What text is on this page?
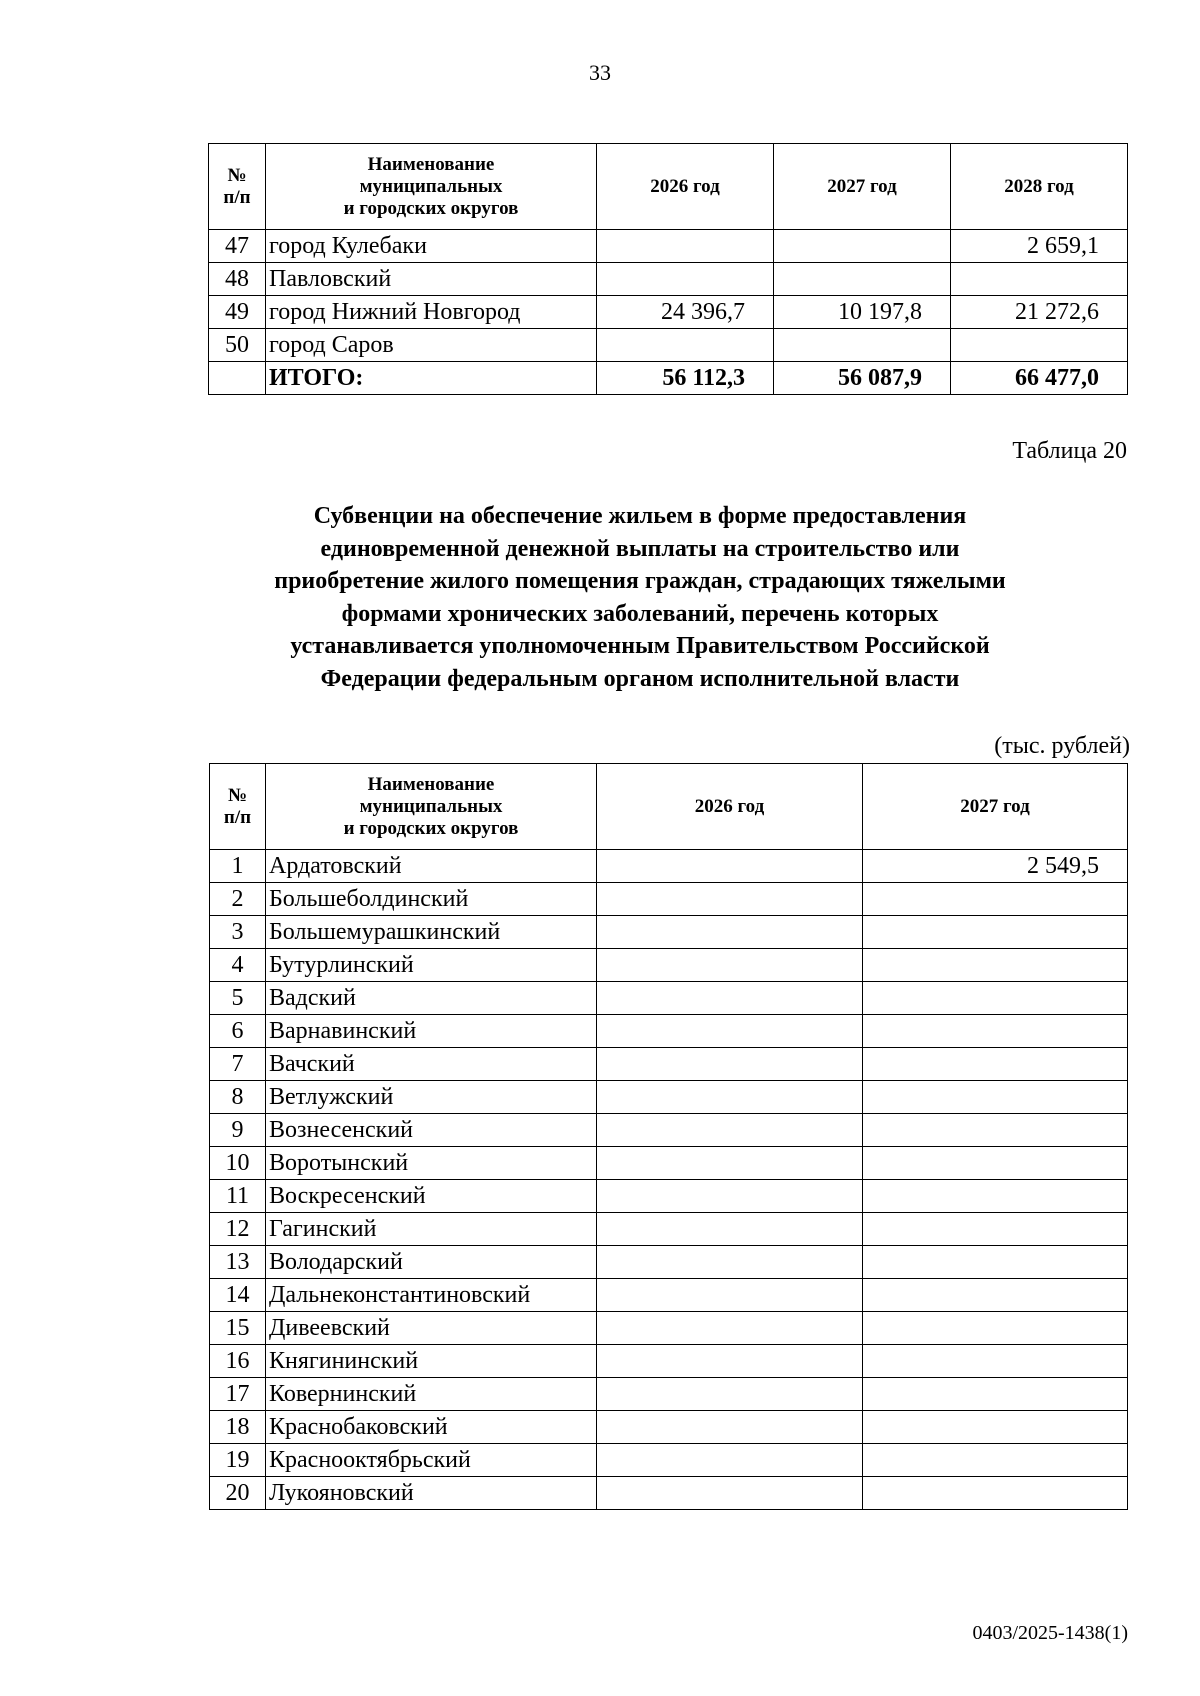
33
№
п/п	Наименование
муниципальных
и городских округов	2026 год	2027 год	2028 год
47	город Кулебаки			2 659,1
48	Павловский			
49	город Нижний Новгород	24 396,7	10 197,8	21 272,6
50	город Саров			
	ИТОГО:	56 112,3	56 087,9	66 477,0
Таблица 20
Субвенции на обеспечение жильем в форме предоставления
единовременной денежной выплаты на строительство или
приобретение жилого помещения граждан, страдающих тяжелыми
формами хронических заболеваний, перечень которых
устанавливается уполномоченным Правительством Российской
Федерации федеральным органом исполнительной власти
(тыс. рублей)
№
п/п	Наименование
муниципальных
и городских округов	2026 год	2027 год
1	Ардатовский		2 549,5
2	Большеболдинский		
3	Большемурашкинский		
4	Бутурлинский		
5	Вадский		
6	Варнавинский		
7	Вачский		
8	Ветлужский		
9	Вознесенский		
10	Воротынский		
11	Воскресенский		
12	Гагинский		
13	Володарский		
14	Дальнеконстантиновский		
15	Дивеевский		
16	Княгининский		
17	Ковернинский		
18	Краснобаковский		
19	Краснооктябрьский		
20	Лукояновский		
0403/2025-1438(1)
